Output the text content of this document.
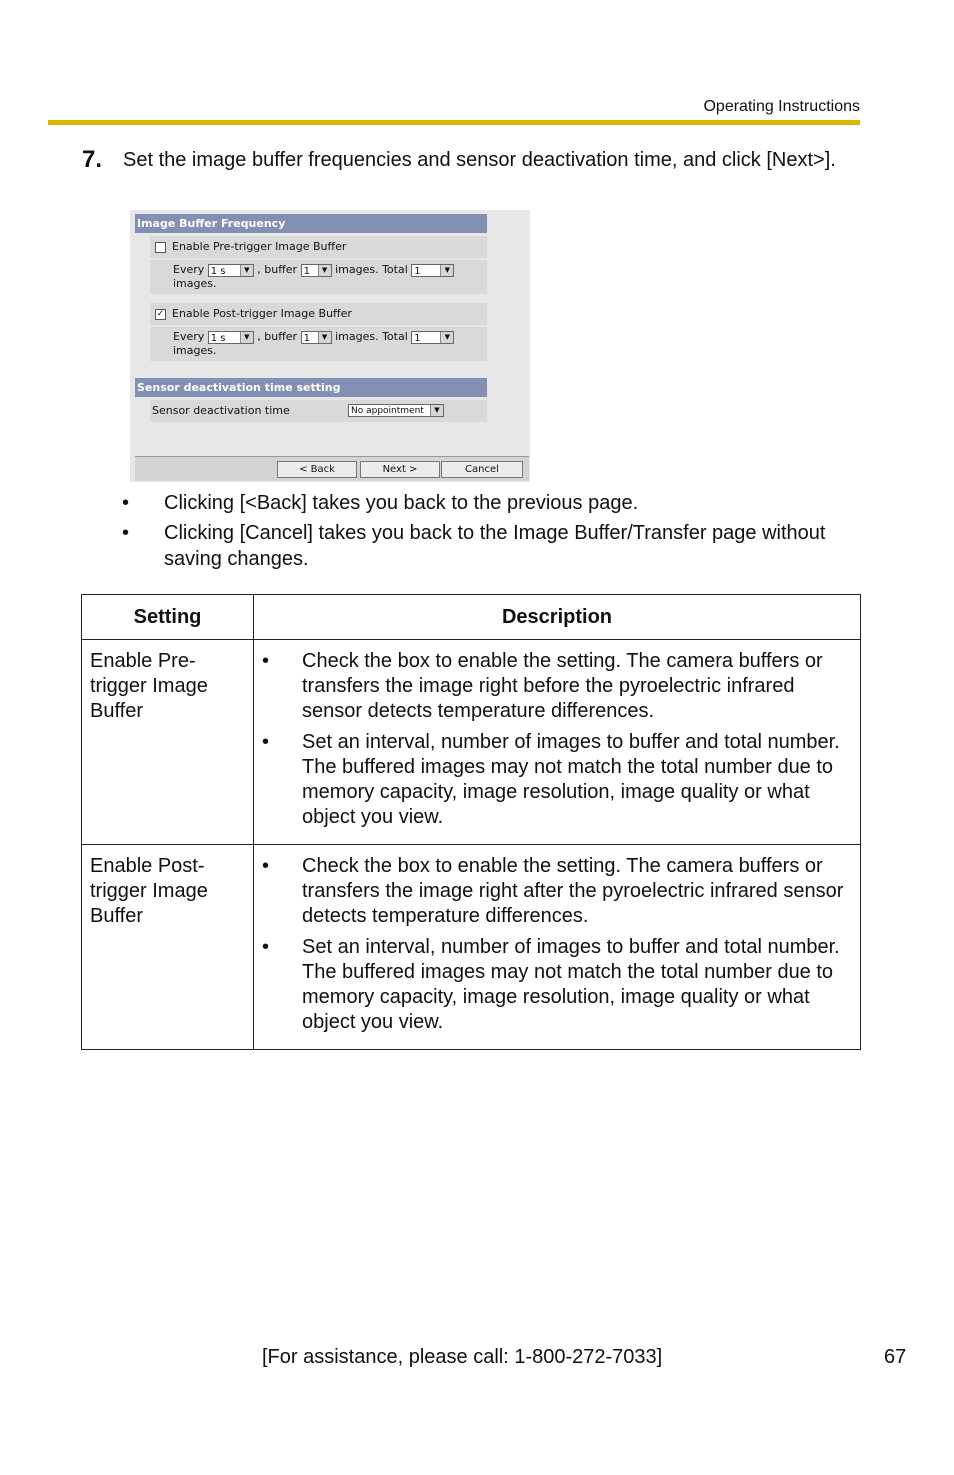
Operating Instructions
7. Set the image buffer frequencies and sensor deactivation time, and click [Next>].
Image Buffer Frequency
Enable Pre-trigger Image Buffer
Every 1 s	▼ , buffer 1	▼ images. Total 1	▼

images.
✓ Enable Post-trigger Image Buffer
Every 1 s	▼ , buffer 1	▼ images. Total 1	▼

images.
Sensor deactivation time setting
Sensor deactivation time	No appointment	▼
< Back	Next >	Cancel
• Clicking [<Back] takes you back to the previous page.
• Clicking [Cancel] takes you back to the Image Buffer/Transfer page without saving changes.
Setting	Description
Enable Pre-trigger Image Buffer	• Check the box to enable the setting. The camera buffers or transfers the image right before the pyroelectric infrared sensor detects temperature differences.
• Set an interval, number of images to buffer and total number. The buffered images may not match the total number due to memory capacity, image resolution, image quality or what object you view.

Enable Post-trigger Image Buffer	• Check the box to enable the setting. The camera buffers or transfers the image right after the pyroelectric infrared sensor detects temperature differences.
• Set an interval, number of images to buffer and total number. The buffered images may not match the total number due to memory capacity, image resolution, image quality or what object you view.
[For assistance, please call: 1-800-272-7033]	67
